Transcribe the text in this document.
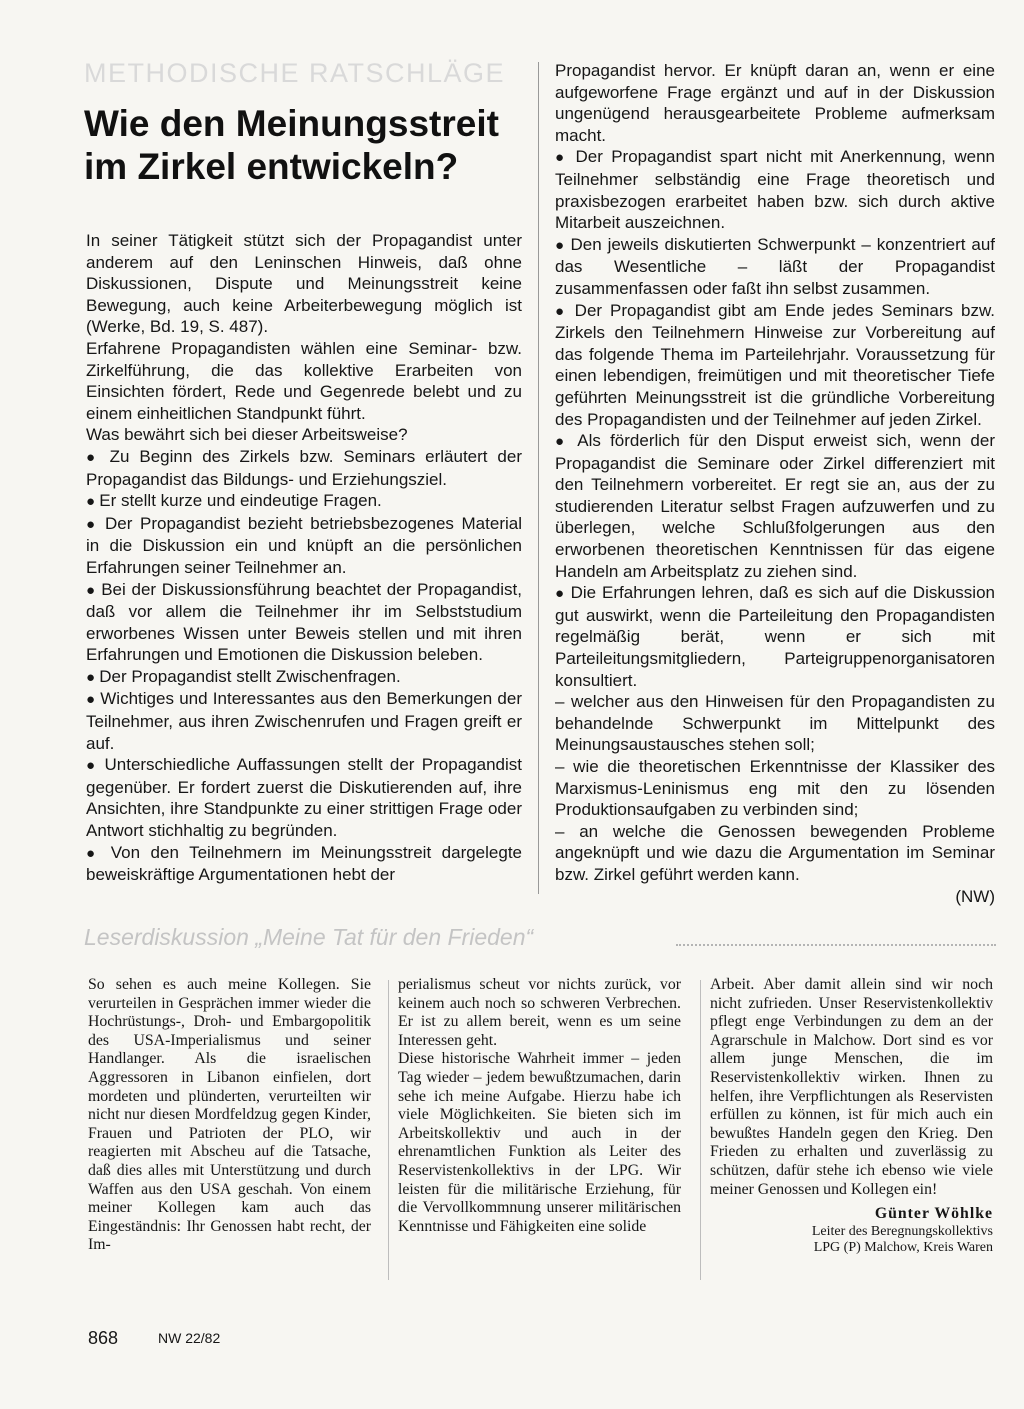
METHODISCHE RATSCHLÄGE
Wie den Meinungsstreit
im Zirkel entwickeln?

In seiner Tätigkeit stützt sich der Propagandist unter anderem auf den Leninschen Hinweis, daß ohne Diskussionen, Dispute und Meinungsstreit keine Bewegung, auch keine Arbeiterbewegung möglich ist (Werke, Bd. 19, S. 487).

Erfahrene Propagandisten wählen eine Seminar- bzw. Zirkelführung, die das kollektive Erarbeiten von Einsichten fördert, Rede und Gegenrede belebt und zu einem einheitlichen Standpunkt führt.

Was bewährt sich bei dieser Arbeitsweise?

● Zu Beginn des Zirkels bzw. Seminars erläutert der Propagandist das Bildungs- und Erziehungsziel.

● Er stellt kurze und eindeutige Fragen.

● Der Propagandist bezieht betriebsbezogenes Material in die Diskussion ein und knüpft an die persönlichen Erfahrungen seiner Teilnehmer an.

● Bei der Diskussionsführung beachtet der Propagandist, daß vor allem die Teilnehmer ihr im Selbststudium erworbenes Wissen unter Beweis stellen und mit ihren Erfahrungen und Emotionen die Diskussion beleben.

● Der Propagandist stellt Zwischenfragen.

● Wichtiges und Interessantes aus den Bemerkungen der Teilnehmer, aus ihren Zwischenrufen und Fragen greift er auf.

● Unterschiedliche Auffassungen stellt der Propagandist gegenüber. Er fordert zuerst die Diskutierenden auf, ihre Ansichten, ihre Standpunkte zu einer strittigen Frage oder Antwort stichhaltig zu begründen.

● Von den Teilnehmern im Meinungsstreit dargelegte beweiskräftige Argumentationen hebt der

Propagandist hervor. Er knüpft daran an, wenn er eine aufgeworfene Frage ergänzt und auf in der Diskussion ungenügend herausgearbeitete Probleme aufmerksam macht.

● Der Propagandist spart nicht mit Anerkennung, wenn Teilnehmer selbständig eine Frage theoretisch und praxisbezogen erarbeitet haben bzw. sich durch aktive Mitarbeit auszeichnen.

● Den jeweils diskutierten Schwerpunkt – konzentriert auf das Wesentliche – läßt der Propagandist zusammenfassen oder faßt ihn selbst zusammen.

● Der Propagandist gibt am Ende jedes Seminars bzw. Zirkels den Teilnehmern Hinweise zur Vorbereitung auf das folgende Thema im Parteilehrjahr. Voraussetzung für einen lebendigen, freimütigen und mit theoretischer Tiefe geführten Meinungsstreit ist die gründliche Vorbereitung des Propagandisten und der Teilnehmer auf jeden Zirkel.

● Als förderlich für den Disput erweist sich, wenn der Propagandist die Seminare oder Zirkel differenziert mit den Teilnehmern vorbereitet. Er regt sie an, aus der zu studierenden Literatur selbst Fragen aufzuwerfen und zu überlegen, welche Schlußfolgerungen aus den erworbenen theoretischen Kenntnissen für das eigene Handeln am Arbeitsplatz zu ziehen sind.

● Die Erfahrungen lehren, daß es sich auf die Diskussion gut auswirkt, wenn die Parteileitung den Propagandisten regelmäßig berät, wenn er sich mit Parteileitungsmitgliedern, Parteigruppenorganisatoren konsultiert.

– welcher aus den Hinweisen für den Propagandisten zu behandelnde Schwerpunkt im Mittelpunkt des Meinungsaustausches stehen soll;

– wie die theoretischen Erkenntnisse der Klassiker des Marxismus-Leninismus eng mit den zu lösenden Produktionsaufgaben zu verbinden sind;

– an welche die Genossen bewegenden Probleme angeknüpft und wie dazu die Argumentation im Seminar bzw. Zirkel geführt werden kann.

(NW)

Leserdiskussion „Meine Tat für den Frieden“

So sehen es auch meine Kollegen. Sie verurteilen in Gesprächen immer wieder die Hochrüstungs-, Droh- und Embargopolitik des USA-Imperialismus und seiner Handlanger. Als die israelischen Aggressoren in Libanon einfielen, dort mordeten und plünderten, verurteilten wir nicht nur diesen Mordfeldzug gegen Kinder, Frauen und Patrioten der PLO, wir reagierten mit Abscheu auf die Tatsache, daß dies alles mit Unterstützung und durch Waffen aus den USA geschah. Von einem meiner Kollegen kam auch das Eingeständnis: Ihr Genossen habt recht, der Im-

perialismus scheut vor nichts zurück, vor keinem auch noch so schweren Verbrechen. Er ist zu allem bereit, wenn es um seine Interessen geht.

Diese historische Wahrheit immer – jeden Tag wieder – jedem bewußtzumachen, darin sehe ich meine Aufgabe. Hierzu habe ich viele Möglichkeiten. Sie bieten sich im Arbeitskollektiv und auch in der ehrenamtlichen Funktion als Leiter des Reservistenkollektivs in der LPG. Wir leisten für die militärische Erziehung, für die Vervollkommnung unserer militärischen Kenntnisse und Fähigkeiten eine solide

Arbeit. Aber damit allein sind wir noch nicht zufrieden. Unser Reservistenkollektiv pflegt enge Verbindungen zu dem an der Agrarschule in Malchow. Dort sind es vor allem junge Menschen, die im Reservistenkollektiv wirken. Ihnen zu helfen, ihre Verpflichtungen als Reservisten erfüllen zu können, ist für mich auch ein bewußtes Handeln gegen den Krieg. Den Frieden zu erhalten und zuverlässig zu schützen, dafür stehe ich ebenso wie viele meiner Genossen und Kollegen ein!

Günter Wöhlke

Leiter des Beregnungskollektivs

LPG (P) Malchow, Kreis Waren

868	NW 22/82
